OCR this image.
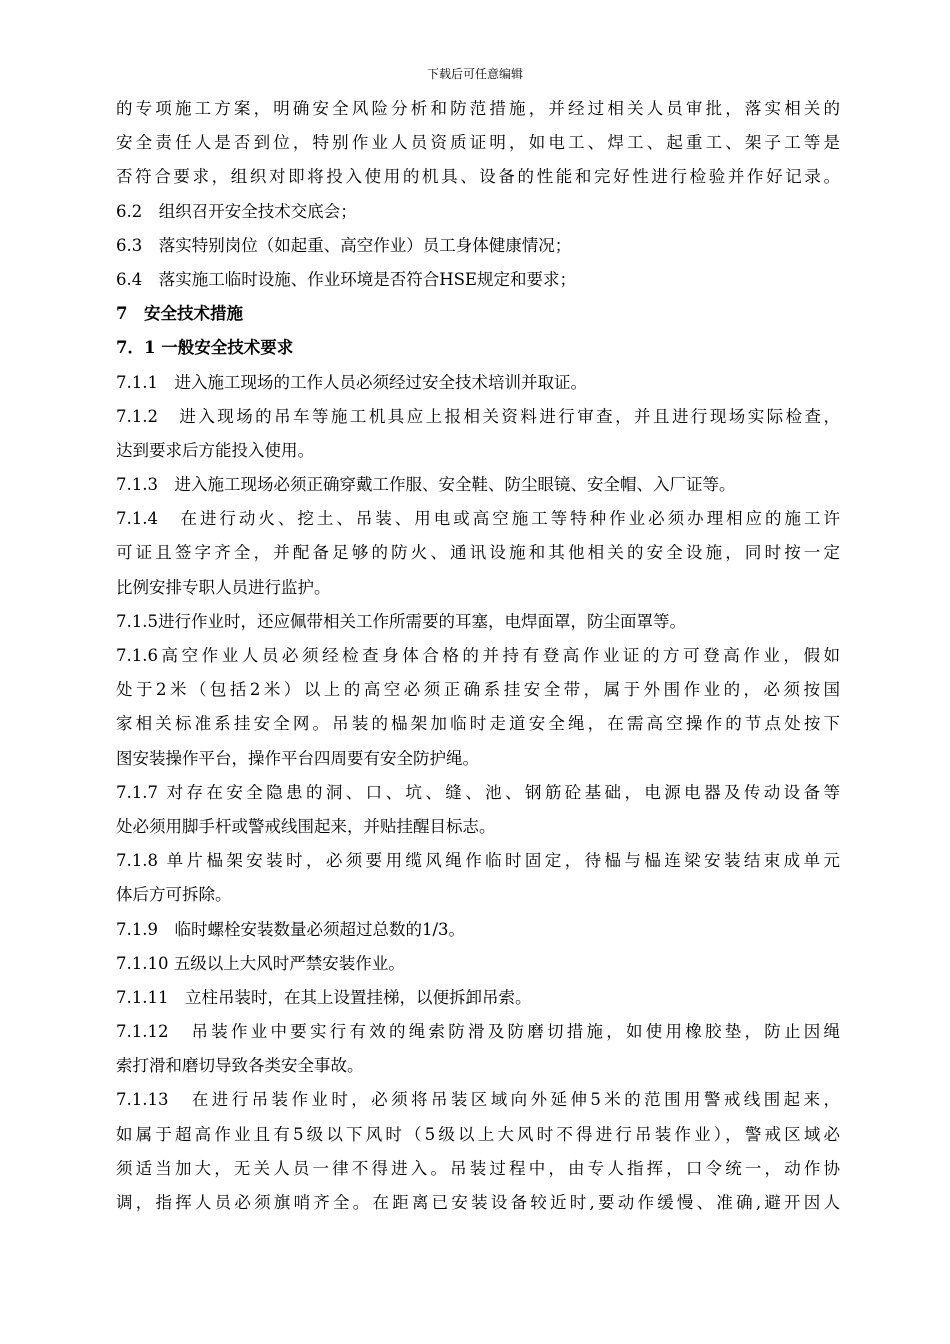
下载后可任意编辑
的专项施工方案，明确安全风险分析和防范措施，并经过相关人员审批，落实相关的
安全责任人是否到位，特别作业人员资质证明，如电工、焊工、起重工、架子工等是
否符合要求，组织对即将投入使用的机具、设备的性能和完好性进行检验并作好记录。
6.2　组织召开安全技术交底会；
6.3　落实特别岗位（如起重、高空作业）员工身体健康情况；
6.4　落实施工临时设施、作业环境是否符合HSE规定和要求；
7　安全技术措施
7．1 一般安全技术要求
7.1.1　进入施工现场的工作人员必须经过安全技术培训并取证。
7.1.2　进入现场的吊车等施工机具应上报相关资料进行审查，并且进行现场实际检查，
达到要求后方能投入使用。
7.1.3　进入施工现场必须正确穿戴工作服、安全鞋、防尘眼镜、安全帽、入厂证等。
7.1.4　在进行动火、挖土、吊装、用电或高空施工等特种作业必须办理相应的施工许
可证且签字齐全，并配备足够的防火、通讯设施和其他相关的安全设施，同时按一定
比例安排专职人员进行监护。
7.1.5进行作业时，还应佩带相关工作所需要的耳塞，电焊面罩，防尘面罩等。
7.1.6高空作业人员必须经检查身体合格的并持有登高作业证的方可登高作业，假如
处于2米（包括2米）以上的高空必须正确系挂安全带，属于外围作业的，必须按国
家相关标准系挂安全网。吊装的榀架加临时走道安全绳，在需高空操作的节点处按下
图安装操作平台，操作平台四周要有安全防护绳。
7.1.7 对存在安全隐患的洞、口、坑、缝、池、钢筋砼基础，电源电器及传动设备等
处必须用脚手杆或警戒线围起来，并贴挂醒目标志。
7.1.8 单片榀架安装时，必须要用缆风绳作临时固定，待榀与榀连梁安装结束成单元
体后方可拆除。
7.1.9　临时螺栓安装数量必须超过总数的1/3。
7.1.10 五级以上大风时严禁安装作业。
7.1.11　立柱吊装时，在其上设置挂梯，以便拆卸吊索。
7.1.12　吊装作业中要实行有效的绳索防滑及防磨切措施，如使用橡胶垫，防止因绳
索打滑和磨切导致各类安全事故。
7.1.13　在进行吊装作业时，必须将吊装区域向外延伸5米的范围用警戒线围起来，
如属于超高作业且有5级以下风时（5级以上大风时不得进行吊装作业），警戒区域必
须适当加大，无关人员一律不得进入。吊装过程中，由专人指挥，口令统一，动作协
调，指挥人员必须旗哨齐全。在距离已安装设备较近时,要动作缓慢、准确,避开因人
